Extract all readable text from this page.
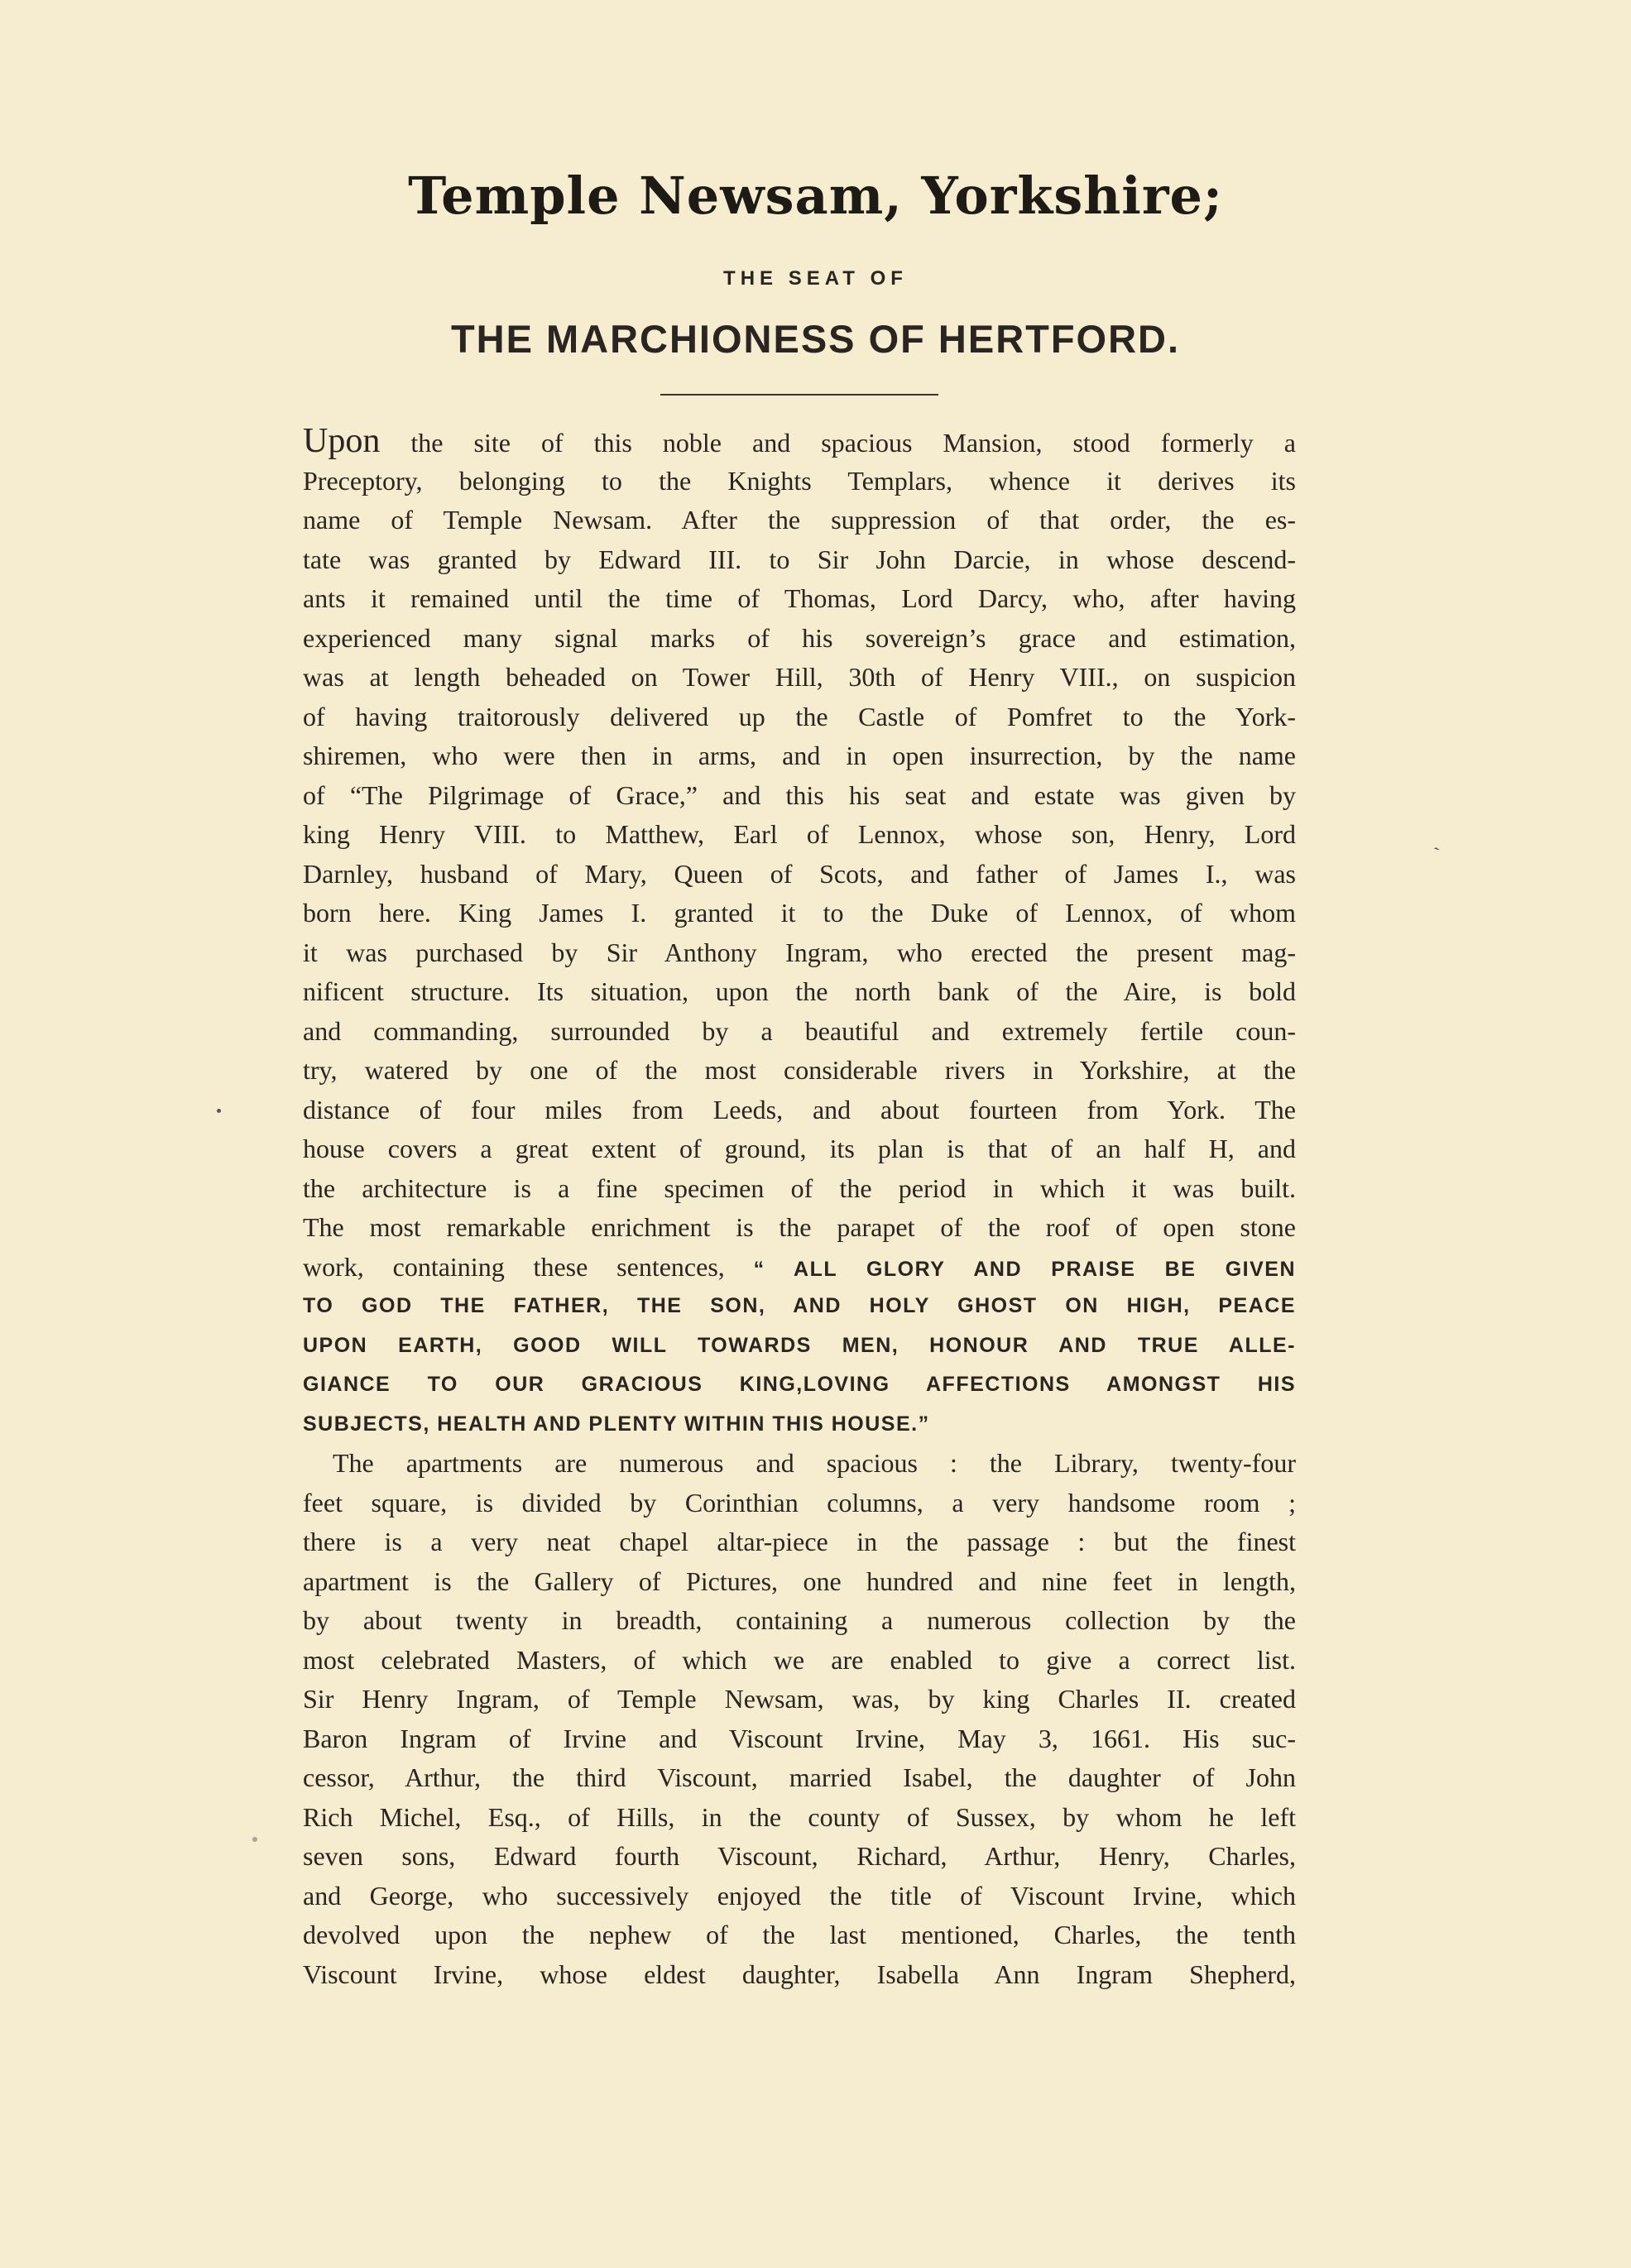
Temple Newsam, Yorkshire;
THE SEAT OF
THE MARCHIONESS OF HERTFORD.
Upon the site of this noble and spacious Mansion, stood formerly a
Preceptory, belonging to the Knights Templars, whence it derives its
name of Temple Newsam. After the suppression of that order, the es-
tate was granted by Edward III. to Sir John Darcie, in whose descend-
ants it remained until the time of Thomas, Lord Darcy, who, after having
experienced many signal marks of his sovereign’s grace and estimation,
was at length beheaded on Tower Hill, 30th of Henry VIII., on suspicion
of having traitorously delivered up the Castle of Pomfret to the York-
shiremen, who were then in arms, and in open insurrection, by the name
of “The Pilgrimage of Grace,” and this his seat and estate was given by
king Henry VIII. to Matthew, Earl of Lennox, whose son, Henry, Lord
Darnley, husband of Mary, Queen of Scots, and father of James I., was
born here. King James I. granted it to the Duke of Lennox, of whom
it was purchased by Sir Anthony Ingram, who erected the present mag-
nificent structure. Its situation, upon the north bank of the Aire, is bold
and commanding, surrounded by a beautiful and extremely fertile coun-
try, watered by one of the most considerable rivers in Yorkshire, at the
distance of four miles from Leeds, and about fourteen from York. The
house covers a great extent of ground, its plan is that of an half H, and
the architecture is a fine specimen of the period in which it was built.
The most remarkable enrichment is the parapet of the roof of open stone
work, containing these sentences, “ ALL GLORY AND PRAISE BE GIVEN
TO GOD THE FATHER, THE SON, AND HOLY GHOST ON HIGH, PEACE
UPON EARTH, GOOD WILL TOWARDS MEN, HONOUR AND TRUE ALLE-
GIANCE TO OUR GRACIOUS KING,LOVING AFFECTIONS AMONGST HIS
SUBJECTS, HEALTH AND PLENTY WITHIN THIS HOUSE.”
The apartments are numerous and spacious : the Library, twenty-four
feet square, is divided by Corinthian columns, a very handsome room ;
there is a very neat chapel altar-piece in the passage : but the finest
apartment is the Gallery of Pictures, one hundred and nine feet in length,
by about twenty in breadth, containing a numerous collection by the
most celebrated Masters, of which we are enabled to give a correct list.
Sir Henry Ingram, of Temple Newsam, was, by king Charles II. created
Baron Ingram of Irvine and Viscount Irvine, May 3, 1661. His suc-
cessor, Arthur, the third Viscount, married Isabel, the daughter of John
Rich Michel, Esq., of Hills, in the county of Sussex, by whom he left
seven sons, Edward fourth Viscount, Richard, Arthur, Henry, Charles,
and George, who successively enjoyed the title of Viscount Irvine, which
devolved upon the nephew of the last mentioned, Charles, the tenth
Viscount Irvine, whose eldest daughter, Isabella Ann Ingram Shepherd,
ˏ
